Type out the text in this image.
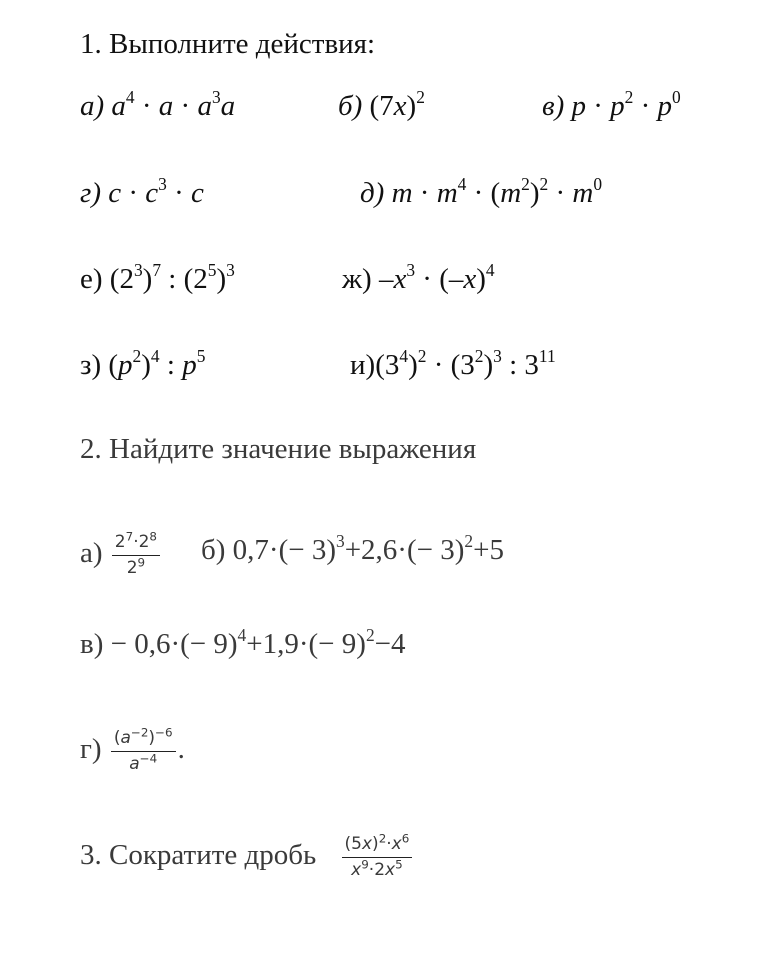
1. Выполните действия:
а) $a^4 \cdot a \cdot a^3a$	б) $(7x)^2$	в) $p \cdot p^2 \cdot p^0$
г) $c \cdot c^3 \cdot c$	д) $m \cdot m^4 \cdot (m^2)^2 \cdot m^0$
е) $(2^3)^7$ : $(2^5)^3$	ж) $-x^3 \cdot (-x)^4$
з) $(p^2)^4$ : $p^5$	$и)(3^4)^2 \cdot (3^2)^3$ : $3^{11}$
2. Найдите значение выражения
$а) \frac{2^7\cdot 2^8}{2^9} б$) $0,7\cdot(- 3)^3+2,6\cdot(- 3)^2+5$
$в) - 0,6\cdot(- 9)^4+1,9\cdot(- 9)^2-4$
$г) \frac{(a^{-2})^{-6}}{a^{-4}}$ .
3. Сократите дробь $\frac{(5x)^2\cdot x^6}{x^9\cdot 2x^5}$
